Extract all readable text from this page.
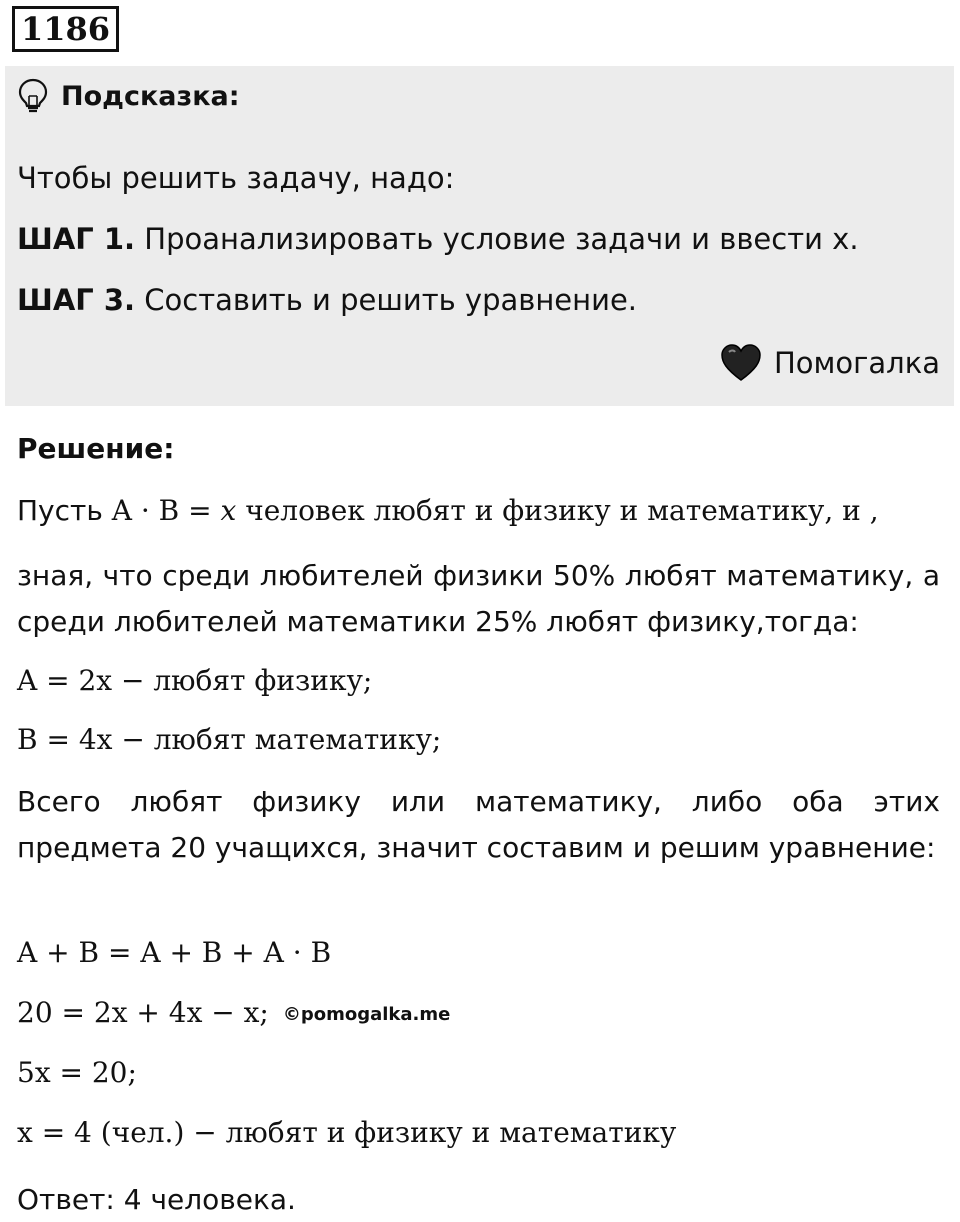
1186
Подсказка:
Чтобы решить задачу, надо:
ШАГ 1. Проанализировать условие задачи и ввести x.
ШАГ 3. Составить и решить уравнение.
Помогалка
Решение:
Пусть A · B = x человек любят и физику и математику, и ,
зная, что среди любителей физики 50% любят математику, а среди любителей математики 25% любят физику,тогда:
A = 2x − любят физику;
B = 4x − любят математику;
Всего любят физику или математику, либо оба этих предмета 20 учащихся, значит составим и решим уравнение:
A + B = A + B + A · B
20 = 2x + 4x − x; ©pomogalka.me
5x = 20;
x = 4 (чел.) − любят и физику и математику
Ответ: 4 человека.
